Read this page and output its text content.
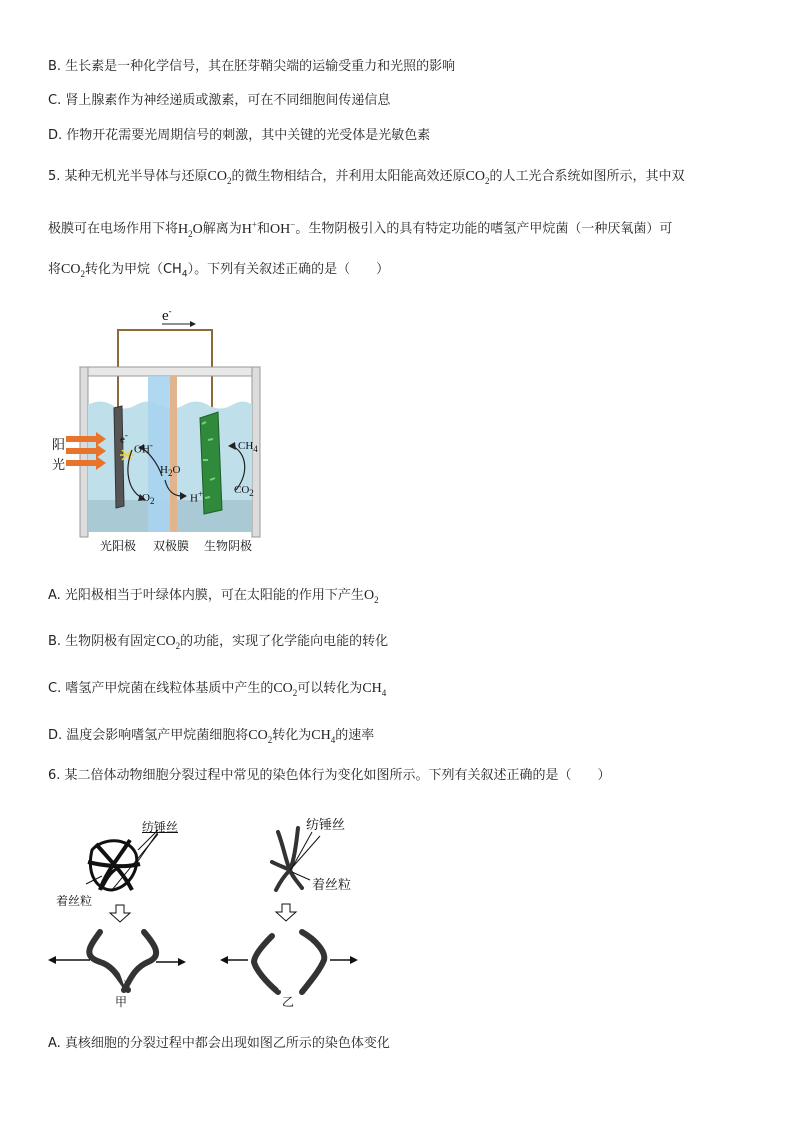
B. 生长素是一种化学信号，其在胚芽鞘尖端的运输受重力和光照的影响
C. 肾上腺素作为神经递质或激素，可在不同细胞间传递信息
D. 作物开花需要光周期信号的刺激，其中关键的光受体是光敏色素
5. 某种无机光半导体与还原$CO_2$的微生物相结合，并利用太阳能高效还原$CO_2$的人工光合系统如图所示，其中双
极膜可在电场作用下将$H_2O$解离为H+和OH−。生物阴极引入的具有特定功能的嗜氢产甲烷菌（一种厌氧菌）可
将$CO_2$转化为甲烷$(CH_4)$。下列有关叙述正确的是（　　）
e-
阳
光
e-
OH-
$H_2O$
$O_2$	H+
$CH_4$
$CO_2$
光阳极 双极膜 生物阴极
A. 光阳极相当于叶绿体内膜，可在太阳能的作用下产生$O_2$
B. 生物阴极有固定$CO_2$的功能，实现了化学能向电能的转化
C. 嗜氢产甲烷菌在线粒体基质中产生的$CO_2$可以转化为$CH_4$
D. 温度会影响嗜氢产甲烷菌细胞将$CO_2$转化为$CH_4$的速率
6. 某二倍体动物细胞分裂过程中常见的染色体行为变化如图所示。下列有关叙述正确的是（　　）
纺锤丝
着丝粒
甲
纺锤丝
着丝粒
乙
A. 真核细胞的分裂过程中都会出现如图乙所示的染色体变化
